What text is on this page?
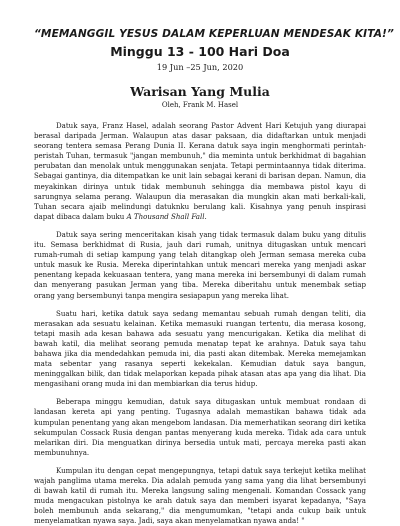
“MEMANGGIL YESUS DALAM KEPERLUAN MENDESAK KITA!”

Minggu 13 - 100 Hari Doa

19 Jun –25 Jun, 2020

Warisan Yang Mulia

Oleh, Frank M. Hasel

Datuk saya, Franz Hasel, adalah seorang Pastor Advent Hari Ketujuh yang diurapai berasal daripada Jerman. Walaupun atas dasar paksaan, dia didaftarkan untuk menjadi seorang tentera semasa Perang Dunia II. Kerana datuk saya ingin menghormati perintah-peristah Tuhan, termasuk "jangan membunuh," dia meminta untuk berkhidmat di bagahian perubatan dan menolak untuk menggunakan senjata. Tetapi permintaannya tidak diterima. Sebagai gantinya, dia ditempatkan ke unit lain sebagai kerani di barisan depan. Namun, dia meyakinkan dirinya untuk tidak membunuh sehingga dia membawa pistol kayu di sarungnya selama perang. Walaupun dia merasakan dia mungkin akan mati berkali-kali, Tuhan secara ajaib melindungi datuknku berulang kali. Kisahnya yang penuh inspirasi dapat dibaca dalam buku A Thousand Shall Fall.

Datuk saya sering menceritakan kisah yang tidak termasuk dalam buku yang ditulis itu. Semasa berkhidmat di Rusia, jauh dari rumah, unitnya ditugaskan untuk mencari rumah-rumah di setiap kampung yang telah ditangkap oleh Jerman semasa mereka cuba untuk masuk ke Rusia. Mereka diperintahkan untuk mencari mereka yang menjadi askar penentang kepada kekuasaan tentera, yang mana mereka ini bersembunyi di dalam rumah dan menyerang pasukan Jerman yang tiba. Mereka diberitahu untuk menembak setiap orang yang bersembunyi tanpa mengira sesiapapun yang mereka lihat.

Suatu hari, ketika datuk saya sedang memantau sebuah rumah dengan teliti, dia merasakan ada sesuatu kelainan. Ketika memasuki ruangan tertentu, dia merasa kosong, tetapi masih ada kesan bahawa ada sesuatu yang mencurigakan. Ketika dia melihat di bawah katil, dia melihat seorang pemuda menatap tepat ke arahnya. Datuk saya tahu bahawa jika dia mendedahkan pemuda ini, dia pasti akan ditembak. Mereka memejamkan mata sebentar yang rasanya seperti kekekalan. Kemudian datuk saya bangun, meninggalkan bilik, dan tidak melaporkan kepada pihak atasan atas apa yang dia lihat. Dia mengasihani orang muda ini dan membiarkan dia terus hidup.

Beberapa minggu kemudian, datuk saya ditugaskan untuk membuat rondaan di landasan kereta api yang penting. Tugasnya adalah memastikan bahawa tidak ada kumpulan penentang yang akan mengebom landasan. Dia memerhatikan seorang diri ketika sekumpulan Cossack Rusia dengan pantas menyerang kuda mereka. Tidak ada cara untuk melarikan diri. Dia menguatkan dirinya bersedia untuk mati, percaya mereka pasti akan membunuhnya.

Kumpulan itu dengan cepat mengepungnya, tetapi datuk saya terkejut ketika melihat wajah panglima utama mereka. Dia adalah pemuda yang sama yang dia lihat bersembunyi di bawah katil di rumah itu. Mereka langsung saling mengenali. Komandan Cossack yang muda mengacukan pistolnya ke arah datuk saya dan memberi isyarat kepadanya, "Saya boleh membunuh anda sekarang," dia mengumumkan, "tetapi anda cukup baik untuk menyelamatkan nyawa saya. Jadi, saya akan menyelamatkan nyawa anda! "
